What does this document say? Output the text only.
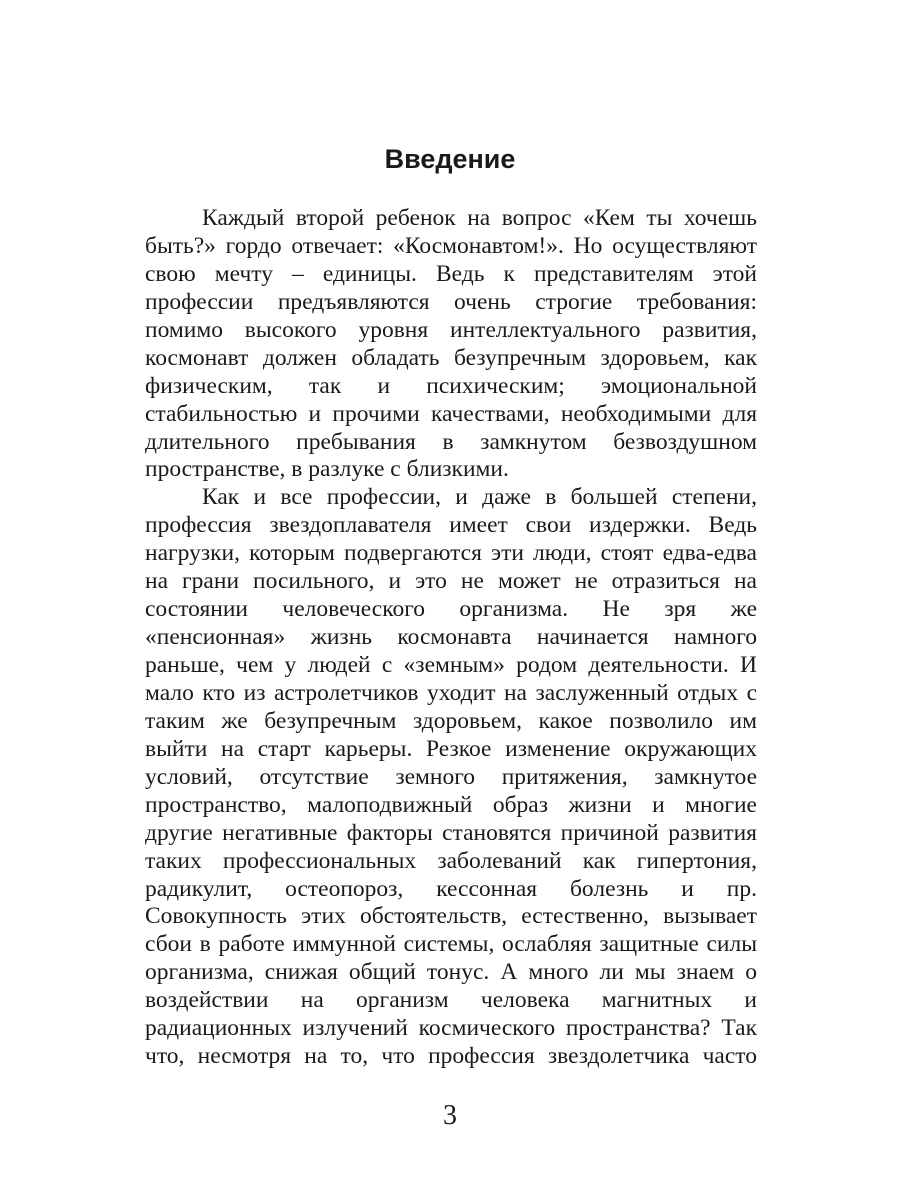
Введение

Каждый второй ребенок на вопрос «Кем ты хочешь
быть?» гордо отвечает: «Космонавтом!». Но осуществляют
свою мечту – единицы. Ведь к представителям этой
профессии предъявляются очень строгие требования:
помимо высокого уровня интеллектуального развития,
космонавт должен обладать безупречным здоровьем, как
физическим, так и психическим; эмоциональной
стабильностью и прочими качествами, необходимыми для
длительного пребывания в замкнутом безвоздушном
пространстве, в разлуке с близкими.

Как и все профессии, и даже в большей степени,
профессия звездоплавателя имеет свои издержки. Ведь
нагрузки, которым подвергаются эти люди, стоят едва-едва
на грани посильного, и это не может не отразиться на
состоянии человеческого организма. Не зря же
«пенсионная» жизнь космонавта начинается намного
раньше, чем у людей с «земным» родом деятельности. И
мало кто из астролетчиков уходит на заслуженный отдых с
таким же безупречным здоровьем, какое позволило им
выйти на старт карьеры. Резкое изменение окружающих
условий, отсутствие земного притяжения, замкнутое
пространство, малоподвижный образ жизни и многие
другие негативные факторы становятся причиной развития
таких профессиональных заболеваний как гипертония,
радикулит, остеопороз, кессонная болезнь и пр.
Совокупность этих обстоятельств, естественно, вызывает
сбои в работе иммунной системы, ослабляя защитные силы
организма, снижая общий тонус. А много ли мы знаем о
воздействии на организм человека магнитных и
радиационных излучений космического пространства? Так
что, несмотря на то, что профессия звездолетчика часто

3
